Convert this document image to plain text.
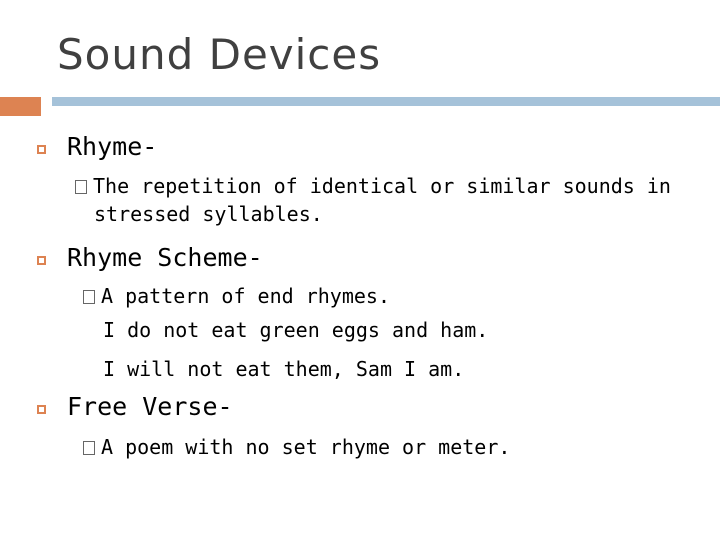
Sound Devices
Rhyme-
The repetition of identical or similar sounds in
stressed syllables.
Rhyme Scheme-
A pattern of end rhymes.
I do not eat green eggs and ham.
I will not eat them, Sam I am.
Free Verse-
A poem with no set rhyme or meter.
